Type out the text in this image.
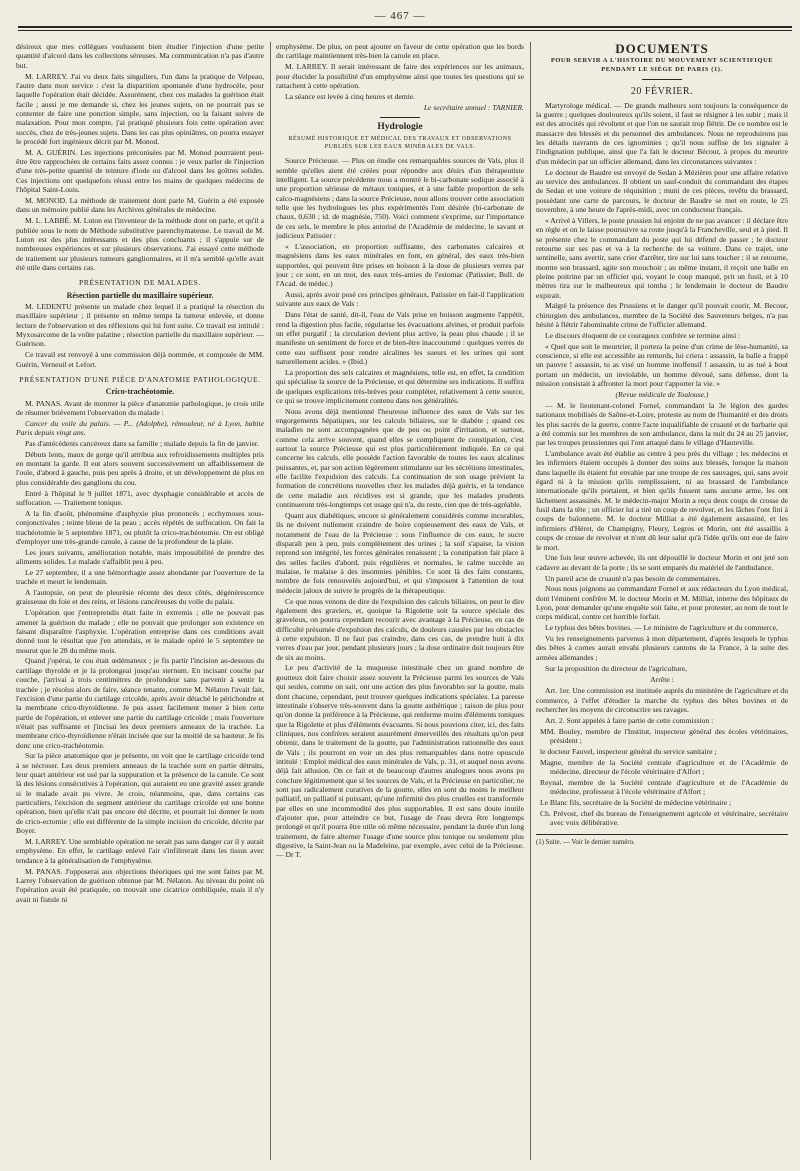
— 467 —

désireux que mes collègues voulussent bien étudier l'injection d'une petite quantité d'alcool dans les collections séreuses. Ma communication n'a pas d'autre but.

M. LARREY. J'ai vu deux faits singuliers, l'un dans la pratique de Velpeau, l'autre dans mon service : c'est la disparition spontanée d'une hydrocèle, pour laquelle l'opération était décidée. Assurément, chez ces malades la guérison était facile ; aussi je me demande si, chez les jeunes sujets, on ne pourrait pas se contenter de faire une ponction simple, sans injection, ou la faisant suivre de malaxation. Pour mon compte, j'ai pratiqué plusieurs fois cette opération avec succès, chez de très-jeunes sujets. Dans les cas plus opiniâtres, on pourra essayer le procédé fort ingénieux décrit par M. Monod.

M. A. GUÉRIN. Les injections préconisées par M. Monod pourraient peut-être être rapprochées de certains faits assez connus : je veux parler de l'injection d'une très-petite quantité de teinture d'iode ou d'alcool dans les goîtres solides. Ces injections ont quelquefois réussi entre les mains de quelques médecins de l'hôpital Saint-Louis.

M. MONOD. La méthode de traitement dont parle M. Guérin a été exposée dans un mémoire publié dans les Archives générales de médecine.

M. L. LABBÉ. M. Luton est l'inventeur de la méthode dont on parle, et qu'il a publiée sous le nom de Méthode substitutive parenchymateuse. Le travail de M. Luton est des plus intéressants et des plus concluants ; il s'appuie sur de nombreuses expériences et sur plusieurs observations. J'ai essayé cette méthode de traitement sur plusieurs tumeurs ganglionnaires, et il m'a semblé qu'elle avait été utile dans certains cas.

PRÉSENTATION DE MALADES.
Résection partielle du maxillaire supérieur.

M. LEDENTU présente un malade chez lequel il a pratiqué la résection du maxillaire supérieur ; il présente en même temps la tumeur enlevée, et donne lecture de l'observation et des réflexions qui lui font suite. Ce travail est intitulé : Myxosarcome de la voûte palatine ; résection partielle du maxillaire supérieur. — Guérison.

Ce travail est renvoyé à une commission déjà nommée, et composée de MM. Guérin, Verneuil et Lefort.

PRÉSENTATION D'UNE PIÈCE D'ANATOMIE PATHOLOGIQUE.
Crico-trachéotomie.

M. PANAS. Avant de montrer la pièce d'anatomie pathologique, je crois utile de résumer brièvement l'observation du malade :

Cancer du voile du palais. — P... (Adolphe), rémouleur, né à Lyon, habite Paris depuis vingt ans.

Pas d'antécédents cancéreux dans sa famille ; malade depuis la fin de janvier.

Débuts lents, maux de gorge qu'il attribua aux refroidissements multiples pris en montant la garde. Il eut alors souvent successivement un affaiblissement de l'ouïe, d'abord à gauche, puis peu après à droite, et un développement de plus en plus considérable des ganglions du cou.

Entré à l'hôpital le 9 juillet 1871, avec dysphagie considérable et accès de suffocation. — Traitement tonique.

A la fin d'août, phénomène d'asphyxie plus prononcés ; ecchymoses sous-conjonctivales ; teinte bleue de la peau ; accès répétés de suffocation. On fait la trachéotomie le 5 septembre 1871, ou plutôt la crico-trachéotomie. On est obligé d'employer une très-grande canule, à cause de la profondeur de la plaie.

Les jours suivants, amélioration notable, mais impossibilité de prendre des aliments solides. Le malade s'affaiblit peu à peu.

Le 27 septembre, il a une hémorrhagie assez abondante par l'ouverture de la trachée et meurt le lendemain.

A l'autopsie, on peut de pleurésie récente des deux côtés, dégénérescence graisseuse du foie et des reins, et lésions cancéreuses du voile du palais.

L'opération que j'entreprendis était faite in extremis ; elle ne pouvait pas amener la guérison du malade ; elle ne pouvait que prolonger son existence en faisant disparaître l'asphyxie. L'opération entreprise dans ces conditions avait donné tout le résultat que j'en attendais, et le malade opéré le 5 septembre ne mourut que le 28 du même mois.

Quand j'opérai, le cou était œdémateux ; je fis partir l'incision au-dessous du cartilage thyroïde et je la prolongeai jusqu'au sternum. En incisant couche par couche, j'arrivai à trois centimètres de profondeur sans parvenir à sentir la trachée ; je résolus alors de faire, séance tenante, comme M. Nélaton l'avait fait, l'excision d'une partie du cartilage cricoïde, après avoir détaché le périchondre et la membrane crico-thyroïdienne. Je pus assez facilement mener à bien cette partie de l'opération, et enlever une partie du cartilage cricoïde ; mais l'ouverture n'était pas suffisante et j'incisai les deux premiers anneaux de la trachée. La membrane crico-thyroïdienne n'était incisée que sur la moitié de sa hauteur. Je fis donc une crico-trachéotomie.

Sur la pièce anatomique que je présente, on voit que le cartilage cricoïde tend à se nécroser. Les deux premiers anneaux de la trachée sont en partie détruits, leur quart antérieur est usé par la suppuration et la présence de la canule. Ce sont là des lésions consécutives à l'opération, qui auraient eu une gravité assez grande si le malade avait pu vivre. Je crois, néanmoins, que, dans certains cas particuliers, l'excision du segment antérieur du cartilage cricoïde est une bonne opération, bien qu'elle n'ait pas encore été décrite, et pourrait lui donner le nom de crico-ectomie ; elle est différente de la simple incision du cricoïde, décrite par Boyer.

M. LARREY. Une semblable opération ne serait pas sans danger car il y aurait emphysème. En effet, le cartilage enlevé l'air s'infiltrerait dans les tissus avec tendance à la généralisation de l'emphysème.

M. PANAS. J'opposerai aux objections théoriques qui me sont faites par M. Larrey l'observation de guérison obtenue par M. Nélaton. Au niveau du point où l'opération avait été pratiquée, on trouvait une cicatrice ombiliquée, mais il n'y avait ni fistule ni

emphysème. De plus, on peut ajouter en faveur de cette opération que les bords du cartilage maintiennent très-bien la canule en place.

M. LARREY. Il serait intéressant de faire des expériences sur les animaux, pour élucider la possibilité d'un emphysème ainsi que toutes les questions qui se rattachent à cette opération.

La séance est levée à cinq heures et demie.

Le secrétaire annuel : TARNIER.

Hydrologie
RÉSUMÉ HISTORIQUE ET MÉDICAL DES TRAVAUX ET OBSERVATIONS PUBLIÉS SUR LES EAUX MINÉRALES DE VALS.

Source Précieuse. — Plus on étudie ces remarquables sources de Vals, plus il semble qu'elles aient été créées pour répondre aux désirs d'un thérapeutiste intelligent. La source précédente nous a montré le bi-carbonate sodique associé à une proportion sérieuse de métaux toniques, et à une faible proportion de sels calco-magnésiens ; dans la source Précieuse, nous allons trouver cette association telle que les hydrologues les plus expérimentés l'ont désirée (bi-carbonate de chaux, 0,630 ; id. de magnésie, 750). Voici comment s'exprime, sur l'importance de ces sels, le membre le plus autorisé de l'Académie de médecine, le savant et judicieux Patissier :

« L'association, en proportion suffisante, des carbonates calcaires et magnésiens dans les eaux minérales en font, en général, des eaux très-bien supportées, qui peuvent être prises en boisson à la dose de plusieurs verres par jour ; ce sont, en un mot, des eaux très-amies de l'estomac (Patissier, Bull. de l'Acad. de médec.)

Aussi, après avoir posé ces principes généraux, Patissier en fait-il l'application suivante aux eaux de Vals :

Dans l'état de santé, dit-il, l'eau de Vals prise en boisson augmente l'appétit, rend la digestion plus facile, régularise les évacuations alvines, et produit parfois un effet purgatif ; la circulation devient plus active, la peau plus chaude ; il se manifeste un sentiment de force et de bien-être inaccoutumé : quelques verres de cette eau suffisent pour rendre alcalines les sueurs et les urines qui sont naturellement acides. » (Ibid.)

La proportion des sels calcaires et magnésiens, telle est, en effet, la condition qui spécialise la source de la Précieuse, et qui détermine ses indications. Il suffira de quelques explications très-brèves pour compléter, relativement à cette source, ce qui se trouve implicitement contenu dans nos généralités.

Nous avons déjà mentionné l'heureuse influence des eaux de Vals sur les engorgements hépatiques, sur les calculs biliaires, sur le diabète ; quand ces maladies ne sont accompagnées que de peu ou point d'irritation, et surtout, comme cela arrive souvent, quand elles se compliquent de constipation, c'est surtout la source Précieuse qui est plus particulièrement indiquée. En ce qui concerne les calculs, elle possède l'action favorable de toutes les eaux alcalines puissantes, et, par son action légèrement stimulante sur les sécrétions intestinales, elle facilite l'expulsion des calculs. La continuation de son usage prévient la formation de concrétions nouvelles chez les malades déjà guéris, et la tendance de cette maladie aux récidives est si grande, que les malades prudents continueront très-longtemps cet usage qui n'a, du reste, rien que de très-agréable.

Quant aux diabétiques, encore si généralement considérés comme incurables, ils ne doivent nullement craindre de boire copieusement des eaux de Vals, et notamment de l'eau de la Précieuse : sous l'influence de ces eaux, le sucre disparaît peu à peu, puis complètement des urines ; la soif s'apaise, la vision reprend son intégrité, les forces générales renaissent ; la constipation fait place à des selles faciles d'abord, puis régulières et normales, le calme succède au malaise, le malaise à des insomnies pénibles. Ce sont là des faits constants, nombre de fois renouvelés aujourd'hui, et qui s'imposent à l'attention de tout médecin jaloux de suivre le progrès de la thérapeutique.

Ce que nous venons de dire de l'expulsion des calculs biliaires, on peut le dire également des graviers, et, quoique la Rigolette soit la source spéciale des graveleux, on pourra cependant recourir avec avantage à la Précieuse, en cas de difficulté présumée d'expulsion des calculs, de douleurs causées par les obstacles à cette expulsion. Il ne faut pas craindre, dans ces cas, de prendre huit à dix verres d'eau par jour, pendant plusieurs jours ; la dose ordinaire doit toujours être de six au moins.

Le peu d'activité de la muqueuse intestinale chez un grand nombre de goutteux doit faire choisir assez souvent la Précieuse parmi les sources de Vals qui seules, comme on sait, ont une action des plus favorables sur la goutte, mais dont chacune, cependant, peut trouver quelques indications spéciales. La paresse intestinale s'observe très-souvent dans la goutte asthénique ; raison de plus pour qu'on donne la préférence à la Précieuse, qui renferme moins d'éléments toniques que la Rigolette et plus d'éléments évacuants. Si nous pouvions citer, ici, des faits cliniques, nos confrères seraient assurément émerveillés des résultats qu'on peut obtenir, dans le traitement de la goutte, par l'administration rationnelle des eaux de Vals ; ils pourront en voir un des plus remarquables dans notre opuscule intitulé : Emploi médical des eaux minérales de Vals, p. 31, et auquel nous avons déjà fait allusion. On ce fait et de beaucoup d'autres analogues nous avons pu conclure légitimement que si les sources de Vals, et la Précieuse en particulier, ne sont pas radicalement curatives de la goutte, elles en sont du moins le meilleur palliatif, un palliatif si puissant, qu'une infirmité des plus cruelles est transformée par elles en une incommodité des plus supportables. Il est sans doute inutile d'ajouter que, pour atteindre ce but, l'usage de l'eau devra être longtemps prolongé et qu'il pourra être utile où même nécessaire, pendant la durée d'un long traitement, de faire alterner l'usage d'une source plus tonique ou seulement plus digestive, la Saint-Jean ou la Madeleine, par exemple, avec celui de la Précieuse. — Dr T.

DOCUMENTS
POUR SERVIR A L'HISTOIRE DU MOUVEMENT SCIENTIFIQUE PENDANT LE SIÈGE DE PARIS (1).
20 FÉVRIER.

Martyrologe médical. — De grands malheurs sont toujours la conséquence de la guerre ; quelques douloureux qu'ils soient, il faut se résigner à les subir ; mais il est des atrocités qui révoltent et que l'on ne saurait trop flétrir. De ce nombre est le massacre des blessés et du personnel des ambulances. Nous ne reproduirons pas les détails navrants de ces ignominies ; qu'il nous suffise de les signaler à l'indignation publique, ainsi que l'a fait le docteur Bécour, à propos du meurtre d'un médecin par un officier allemand, dans les circonstances suivantes :

Le docteur de Baudre est envoyé de Sedan à Mézières pour une affaire relative au service des ambulances. Il obtient un sauf-conduit du commandant des étapes de Sedan et une voiture de réquisition ; muni de ces pièces, revêtu du brassard, possédant une carte de parcours, le docteur de Baudre se met en route, le 25 novembre, à une heure de l'après-midi, avec un conducteur français.

« Arrivé à Villers, le poste prussien lui enjoint de ne pas avancer : il déclare être en règle et on le laisse poursuivre sa route jusqu'à la Francheville, seul et à pied. Il se présente chez le commandant du poste qui lui défend de passer ; le docteur retourne sur ses pas et va à la recherche de sa voiture. Dans ce trajet, une sentinelle, sans avertir, sans crier d'arrêter, tire sur lui sans toucher ; il se retourne, montre son brassard, agite son mouchoir ; au même instant, il reçoit une balle en pleine poitrine par un officier qui, voyant le coup manqué, prit un fusil, et à 10 mètres tira sur le malheureux qui tomba ; le lendemain le docteur de Baudre expirait.

Malgré la présence des Prussiens et le danger qu'il pouvait courir, M. Becour, chirurgien des ambulances, membre de la Société des Sauveteurs belges, n'a pas hésité à flétrir l'abominable crime de l'officier allemand.

Le discours éloquent de ce courageux confrère se termine ainsi :

« Quel que soit le meurtrier, il portera la peine d'un crime de lèse-humanité, sa conscience, si elle est accessible au remords, lui criera : assassin, la balle a frappé un pauvre ! assassin, tu as visé un homme inoffensif ! assassin, tu as tué à bout portant un médecin, un inviolable, un homme dévoué, sans défense, dont la mission consistait à affronter la mort pour t'apporter la vie. »

(Revue médicale de Toulouse.)

— M. le lieutenant-colonel Fornel, commandant la 3e légion des gardes nationaux mobilisés de Saône-et-Loire, proteste au nom de l'humanité et des droits les plus sacrés de la guerre, contre l'acte inqualifiable de cruauté et de barbarie qui a été commis sur les membres de son ambulance, dans la nuit du 24 au 25 janvier, par les troupes prussiennes qui l'ont attaqué dans le village d'Hauteville.

L'ambulance avait été établie au centre à peu près du village ; les médecins et les infirmiers étaient occupés à donner des soins aux blessés, lorsque la maison dans laquelle ils étaient fut envahie par une troupe de ces sauvages, qui, sans avoir égard ni à la mission qu'ils remplissaient, ni au brassard de l'ambulance internationale qu'ils portaient, et bien qu'ils fussent sans aucune arme, les ont lâchement assassinés. M. le médecin-major Morin a reçu deux coups de crosse de fusil dans la tête ; un officier lui a tiré un coup de revolver, et les lâches l'ont fini à coups de baïonnette. M. le docteur Milliat a été également assassiné, et les infirmiers d'Héret, de Champigny, Fleury, Legros et Morin, ont été assaillis à coups de crosse de revolver et n'ont dû leur salut qu'à l'idée qu'ils ont eue de faire le mort.

Une fois leur œuvre achevée, ils ont dépouillé le docteur Morin et ont jeté son cadavre au devant de la porte ; ils se sont emparés du matériel de l'ambulance.

Un pareil acte de cruauté n'a pas besoin de commentaires.

Nous nous joignons au commandant Fornel et aux rédacteurs du Lyon médical, dont l'éminent confrère M. le docteur Morin et M. Milliat, interne des hôpitaux de Lyon, pour demander qu'une enquête soit faite, et pour protester, au nom de tout le corps médical, contre cet horrible forfait.

Le typhus des bêtes bovines. — Le ministre de l'agriculture et du commerce,

Vu les renseignements parvenus à mon département, d'après lesquels le typhus des bêtes à cornes aurait envahi plusieurs cantons de la France, à la suite des armées allemandes ;

Sur la proposition du directeur de l'agriculture,

Arrête :

Art. 1er. Une commission est instituée auprès du ministère de l'agriculture et du commerce, à l'effet d'étudier la marche du typhus des bêtes bovines et de rechercher les moyens de circonscrire ses ravages.

Art. 2. Sont appelés à faire partie de cette commission :

MM. Bouley, membre de l'Institut, inspecteur général des écoles vétérinaires, président ;

le docteur Fauvel, inspecteur général du service sanitaire ;

Magne, membre de la Société centrale d'agriculture et de l'Académie de médecine, directeur de l'école vétérinaire d'Alfort ;

Reynal, membre de la Société centrale d'agriculture et de l'Académie de médecine, professeur à l'école vétérinaire d'Alfort ;

Le Blanc fils, secrétaire de la Société de médecine vétérinaire ;

Ch. Prévost, chef du bureau de l'enseignement agricole et vétérinaire, secrétaire avec voix délibérative.

(1) Suite. — Voir le dernier numéro.
